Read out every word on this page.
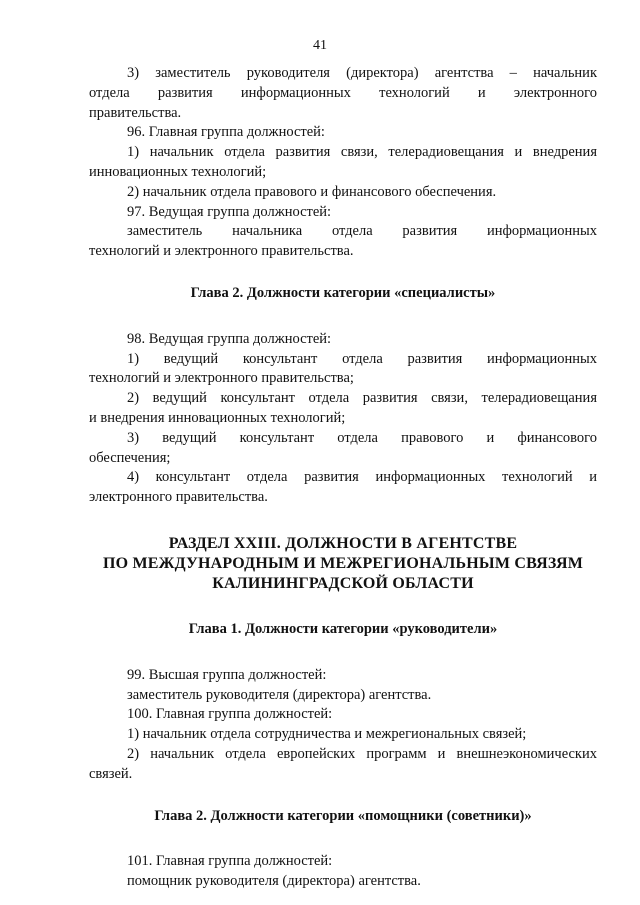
41

3) заместитель руководителя (директора) агентства – начальник

отдела развития информационных технологий и электронного

правительства.

96. Главная группа должностей:

1) начальник отдела развития связи, телерадиовещания и внедрения

инновационных технологий;

2) начальник отдела правового и финансового обеспечения.

97. Ведущая группа должностей:

заместитель начальника отдела развития информационных

технологий и электронного правительства.

Глава 2. Должности категории «специалисты»

98. Ведущая группа должностей:

1) ведущий консультант отдела развития информационных

технологий и электронного правительства;

2) ведущий консультант отдела развития связи, телерадиовещания

и внедрения инновационных технологий;

3) ведущий консультант отдела правового и финансового

обеспечения;

4) консультант отдела развития информационных технологий и

электронного правительства.

РАЗДЕЛ XXIII. ДОЛЖНОСТИ В АГЕНТСТВЕ

ПО МЕЖДУНАРОДНЫМ И МЕЖРЕГИОНАЛЬНЫМ СВЯЗЯМ

КАЛИНИНГРАДСКОЙ ОБЛАСТИ

Глава 1. Должности категории «руководители»

99. Высшая группа должностей:

заместитель руководителя (директора) агентства.

100. Главная группа должностей:

1) начальник отдела сотрудничества и межрегиональных связей;

2) начальник отдела европейских программ и внешнеэкономических

связей.

Глава 2. Должности категории «помощники (советники)»

101. Главная группа должностей:

помощник руководителя (директора) агентства.
